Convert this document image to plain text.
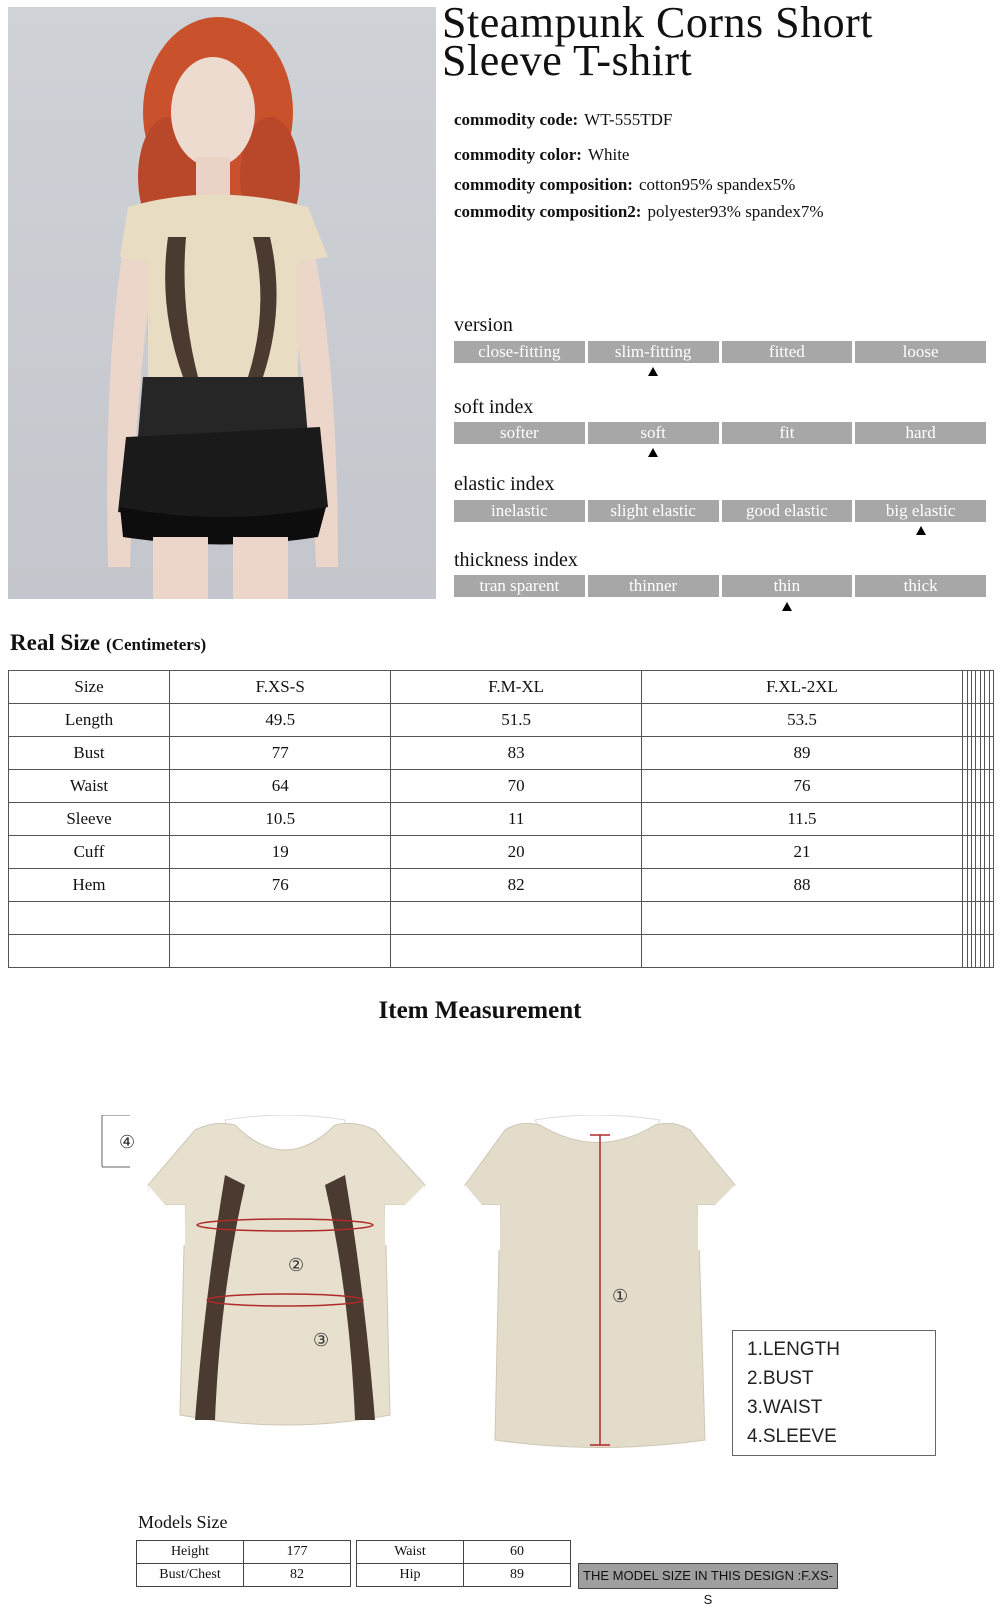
Steampunk Corns Short Sleeve T-shirt
commodity code: WT-555TDF
commodity color: White
commodity composition: cotton95% spandex5%
commodity composition2: polyester93% spandex7%
version
close-fitting	slim-fitting	fitted	loose
soft index
softer	soft	fit	hard
elastic index
inelastic	slight elastic	good elastic	big elastic
thickness index
tran sparent	thinner	thin	thick
Real Size (Centimeters)
Size	F.XS-S	F.M-XL	F.XL-2XL							
Length	49.5	51.5	53.5							
Bust	77	83	89							
Waist	64	70	76							
Sleeve	10.5	11	11.5							
Cuff	19	20	21							
Hem	76	82	88							

Item Measurement
①
②
③
④
1.LENGTH
2.BUST
3.WAIST
4.SLEEVE
Models Size
Height	177
Bust/Chest	82
Waist	60
Hip	89	THE MODEL SIZE IN THIS DESIGN :F.XS-S
